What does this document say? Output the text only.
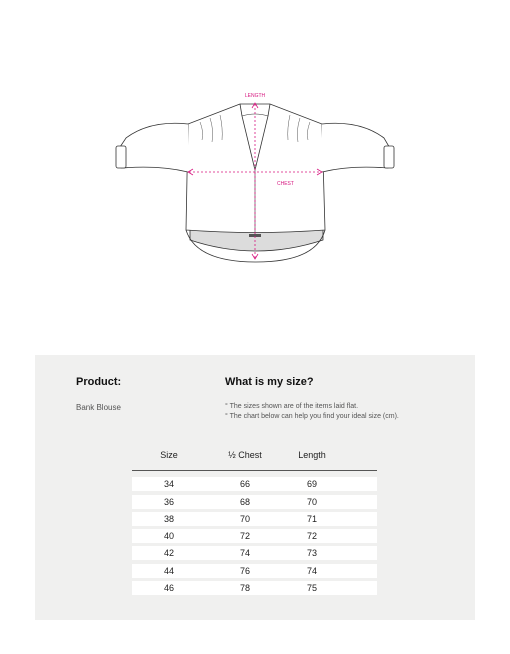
LENGTH
CHEST
Product:
Bank Blouse
What is my size?
° The sizes shown are of the items laid flat.
° The chart below can help you find your ideal size (cm).
Size	½ Chest	Length
34	66	69
36	68	70
38	70	71
40	72	72
42	74	73
44	76	74
46	78	75
